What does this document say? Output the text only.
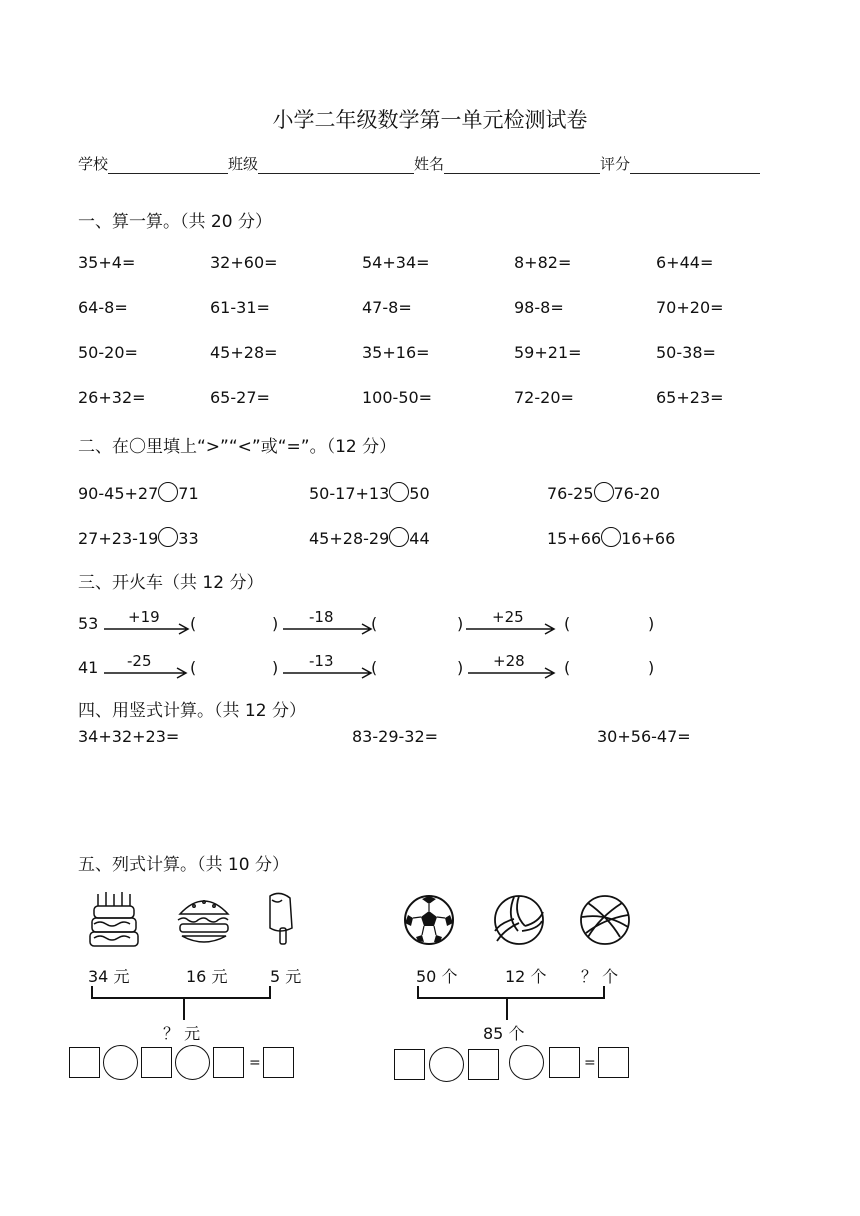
小学二年级数学第一单元检测试卷
学校	班级	姓名	评分
一、算一算。（共 20 分）
35+4=	32+60=	54+34=	8+82=	6+44=
64-8=	61-31=	47-8=	98-8=	70+20=
50-20=	45+28=	35+16=	59+21=	50-38=
26+32=	65-27=	100-50=	72-20=	65+23=
二、在〇里填上“>”“<”或“=”。（12 分）
90-45+27 71	50-17+13 50	76-25 76-20
27+23-19 33	45+28-29 44	15+66 16+66
三、开火车（共 12 分）
53 +19 (	) -18 (	) +25	(	)
41 -25 (	) -13 (	) +28 (	)
四、用竖式计算。（共 12 分）
34+32+23=	83-29-32=	30+56-47=
五、列式计算。（共 10 分）
34 元	16 元	5 元	50 个	12 个 ？ 个
？ 元	85 个
=	=
